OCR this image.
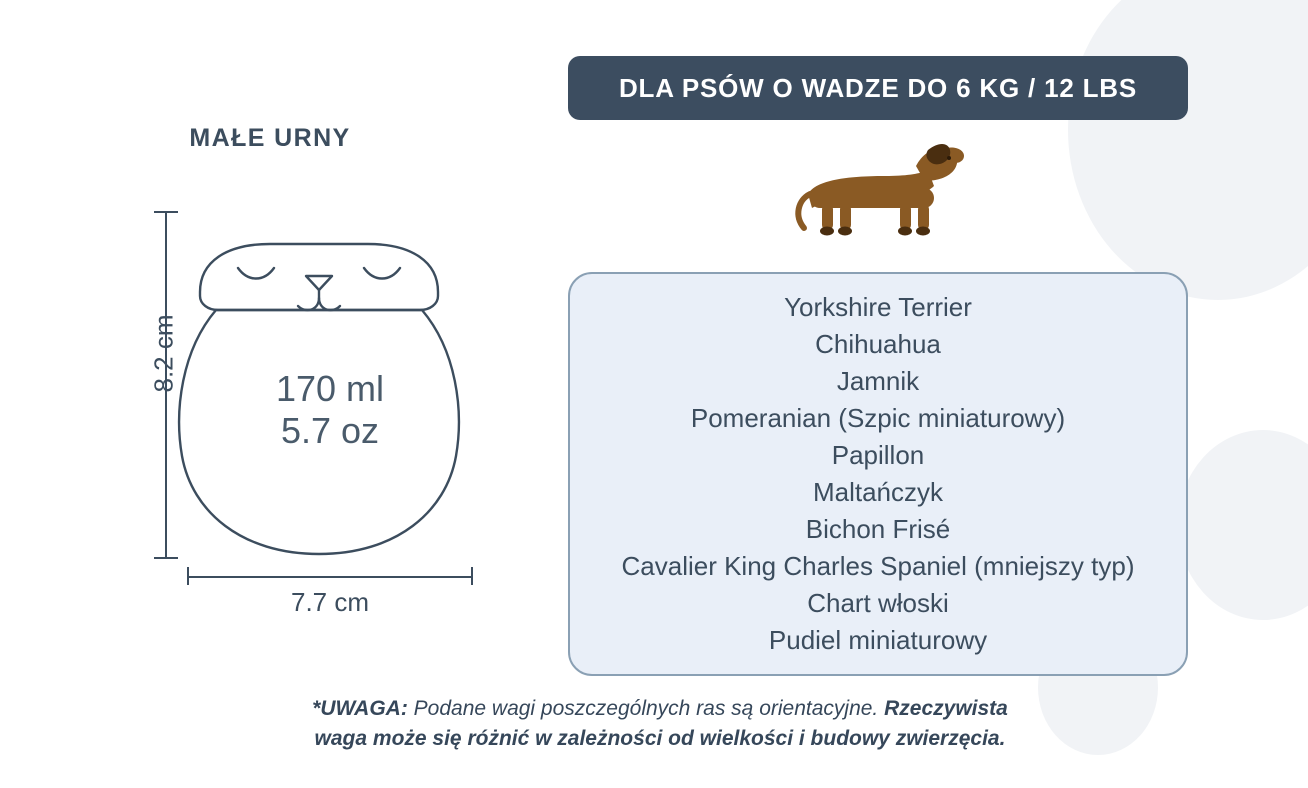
MAŁE URNY
170 ml
5.7 oz
8.2 cm
7.7 cm
DLA PSÓW O WADZE DO 6 KG / 12 LBS
Yorkshire Terrier
Chihuahua
Jamnik
Pomeranian (Szpic miniaturowy)
Papillon
Maltańczyk
Bichon Frisé
Cavalier King Charles Spaniel (mniejszy typ)
Chart włoski
Pudiel miniaturowy
*UWAGA: Podane wagi poszczególnych ras są orientacyjne. Rzeczywista
waga może się różnić w zależności od wielkości i budowy zwierzęcia.
